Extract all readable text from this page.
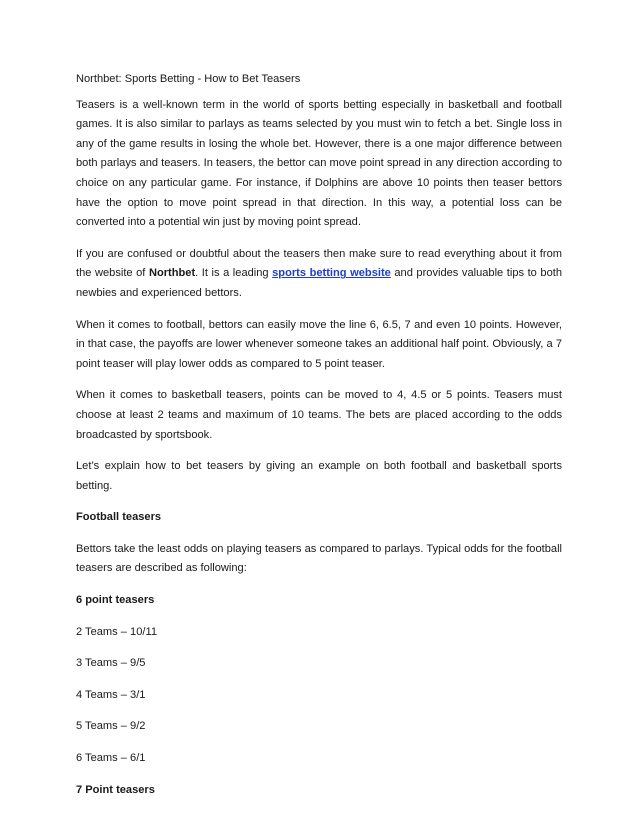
Northbet: Sports Betting - How to Bet Teasers

Teasers is a well-known term in the world of sports betting especially in basketball and football games. It is also similar to parlays as teams selected by you must win to fetch a bet. Single loss in any of the game results in losing the whole bet. However, there is a one major difference between both parlays and teasers. In teasers, the bettor can move point spread in any direction according to choice on any particular game. For instance, if Dolphins are above 10 points then teaser bettors have the option to move point spread in that direction. In this way, a potential loss can be converted into a potential win just by moving point spread.

If you are confused or doubtful about the teasers then make sure to read everything about it from the website of Northbet. It is a leading sports betting website and provides valuable tips to both newbies and experienced bettors.

When it comes to football, bettors can easily move the line 6, 6.5, 7 and even 10 points. However, in that case, the payoffs are lower whenever someone takes an additional half point. Obviously, a 7 point teaser will play lower odds as compared to 5 point teaser.

When it comes to basketball teasers, points can be moved to 4, 4.5 or 5 points. Teasers must choose at least 2 teams and maximum of 10 teams. The bets are placed according to the odds broadcasted by sportsbook.

Let’s explain how to bet teasers by giving an example on both football and basketball sports betting.

Football teasers

Bettors take the least odds on playing teasers as compared to parlays. Typical odds for the football teasers are described as following:

6 point teasers
2 Teams – 10/11
3 Teams – 9/5
4 Teams – 3/1
5 Teams – 9/2
6 Teams – 6/1
7 Point teasers
